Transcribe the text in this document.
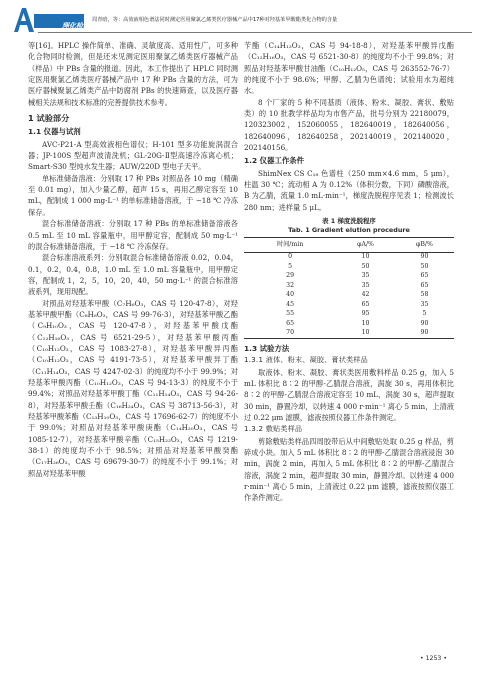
理化检验-化学分册
周青晗，等：高效液相色谱法同时测定医用聚氯乙烯类医疗器械产品中17种对羟基苯甲酸酯类化合物的含量

等[16]。HPLC 操作简单、准确、灵敏度高、适用性广，可多种化合物同时检测，但是还未见测定医用聚氯乙烯类医疗器械产品（样品）中 PBs 含量的报道。因此，本工作提出了 HPLC 同时测定医用聚氯乙烯类医疗器械产品中 17 种 PBs 含量的方法，可为医疗器械聚氯乙烯类产品中防腐剂 PBs 的快速筛查，以及医疗器械相关法规和技术标准的完善提供技术参考。

1 试验部分
1.1 仪器与试剂

AVC-P21-A 型高效液相色谱仪；H-101 型多功能旋涡混合器；JP-100S 型超声波清洗机；GL-20G-Ⅱ型高速冷冻离心机；Smart-S30 型纯水发生器；AUW/220D 型电子天平。

单标准储备溶液：分别取 17 种 PBs 对照品各 10 mg（精确至 0.01 mg），加入少量乙醇，超声 15 s，再用乙醇定容至 10 mL，配制成 1 000 mg·L⁻¹ 的单标准储备溶液，于 −18 ℃ 冷冻保存。

混合标准储备溶液：分别取 17 种 PBs 的单标准储备溶液各 0.5 mL 至 10 mL 容量瓶中，用甲醇定容，配制成 50 mg·L⁻¹ 的混合标准储备溶液，于 −18 ℃ 冷冻保存。

混合标准溶液系列：分别取混合标准储备溶液 0.02，0.04，0.1，0.2，0.4，0.8，1.0 mL 至 1.0 mL 容量瓶中，用甲醇定容，配制成 1，2，5，10，20，40，50 mg·L⁻¹ 的混合标准溶液系列，现用现配。

对照品对羟基苯甲酸（C₇H₆O₃，CAS 号 120-47-8），对羟基苯甲酸甲酯（C₈H₈O₃，CAS 号 99-76-3），对羟基苯甲酸乙酯（C₉H₁₀O₃，CAS 号 120-47-8），对羟基苯甲酸戊酯（C₁₂H₁₆O₃，CAS 号 6521-29-5），对羟基苯甲酸丙酯（C₁₀H₁₂O₃，CAS 号 1083-27-8），对羟基苯甲酸异丙酯（C₁₀H₁₂O₃，CAS 号 4191-73-5），对羟基苯甲酸异丁酯（C₁₁H₁₄O₃，CAS 号 4247-02-3）的纯度均不小于 99.9%；对羟基苯甲酸丙酯（C₁₀H₁₂O₃，CAS 号 94-13-3）的纯度不小于 99.4%；对照品对羟基苯甲酸丁酯（C₁₁H₁₄O₃，CAS 号 94-26-8），对羟基苯甲酸壬酯（C₁₆H₂₄O₃，CAS 号 38713-56-3），对羟基苯甲酸苯酯（C₁₃H₁₀O₃，CAS 号 17696-62-7）的纯度不小于 99.0%；对照品对羟基苯甲酸庚酯（C₁₄H₂₀O₃，CAS 号 1085-12-7），对羟基苯甲酸辛酯（C₁₅H₂₂O₃，CAS 号 1219-38-1）的纯度均不小于 98.5%；对照品对羟基苯甲酸癸酯（C₁₇H₂₆O₃，CAS 号 69679-30-7）的纯度不小于 99.1%；对照品对羟基苯甲酸

苄酯（C₁₄H₁₂O₃，CAS 号 94-18-8），对羟基苯甲酸异戊酯（C₁₂H₁₆O₃，CAS 号 6521-30-8）的纯度均不小于 99.8%；对照品对羟基苯甲酸甘油酯（C₁₀H₁₂O₅，CAS 号 263552-76-7）的纯度不小于 98.6%；甲醇、乙腈为色谱纯；试验用水为超纯水。

8 个厂家的 5 种不同基质（液体、粉末、凝胶、膏状、敷贴类）的 10 批教学样品均为市售产品，批号分别为 22180079，120323002，152060055，182640019，182640056，182640096，182640258，202140019，202140020，202140156。

1.2 仪器工作条件

ShimNex CS C₁₈ 色谱柱（250 mm×4.6 mm，5 μm），柱温 30 ℃；流动相 A 为 0.12%（体积分数，下同）磷酸溶液，B 为乙腈，流量 1.0 mL·min⁻¹，梯度洗脱程序见表 1；检测波长 280 nm；进样量 5 μL。

表 1 梯度洗脱程序
Tab. 1 Gradient elution procedure
时间/min	φA/%	φB/%
0	10	90
5	50	50
29	35	65
32	35	65
40	42	58
45	65	35
55	95	5
65	10	90
70	10	90
1.3 试验方法
1.3.1 液体、粉末、凝胶、膏状类样品

取液体、粉末、凝胶、膏状类医用敷料样品 0.25 g，加入 5 mL 体积比 8∶2 的甲醇-乙腈混合溶液，涡旋 30 s，再用体积比 8∶2 的甲醇-乙腈混合溶液定容至 10 mL，涡旋 30 s，超声提取 30 min，静置冷却，以转速 4 000 r·min⁻¹ 离心 5 min，上清液过 0.22 μm 滤膜，滤液按照仪器工作条件测定。

1.3.2 敷贴类样品

剪除敷贴类样品四周胶带后从中间敷贴处取 0.25 g 样品，剪碎成小块。加入 5 mL 体积比 8∶2 的甲醇-乙腈混合溶液浸泡 30 min，涡旋 2 min，再加入 5 mL 体积比 8∶2 的甲醇-乙腈混合溶液，涡旋 2 min，超声提取 30 min，静置冷却。以转速 4 000 r·min⁻¹ 离心 5 min，上清液过 0.22 μm 滤膜，滤液按照仪器工作条件测定。

• 1253 •
